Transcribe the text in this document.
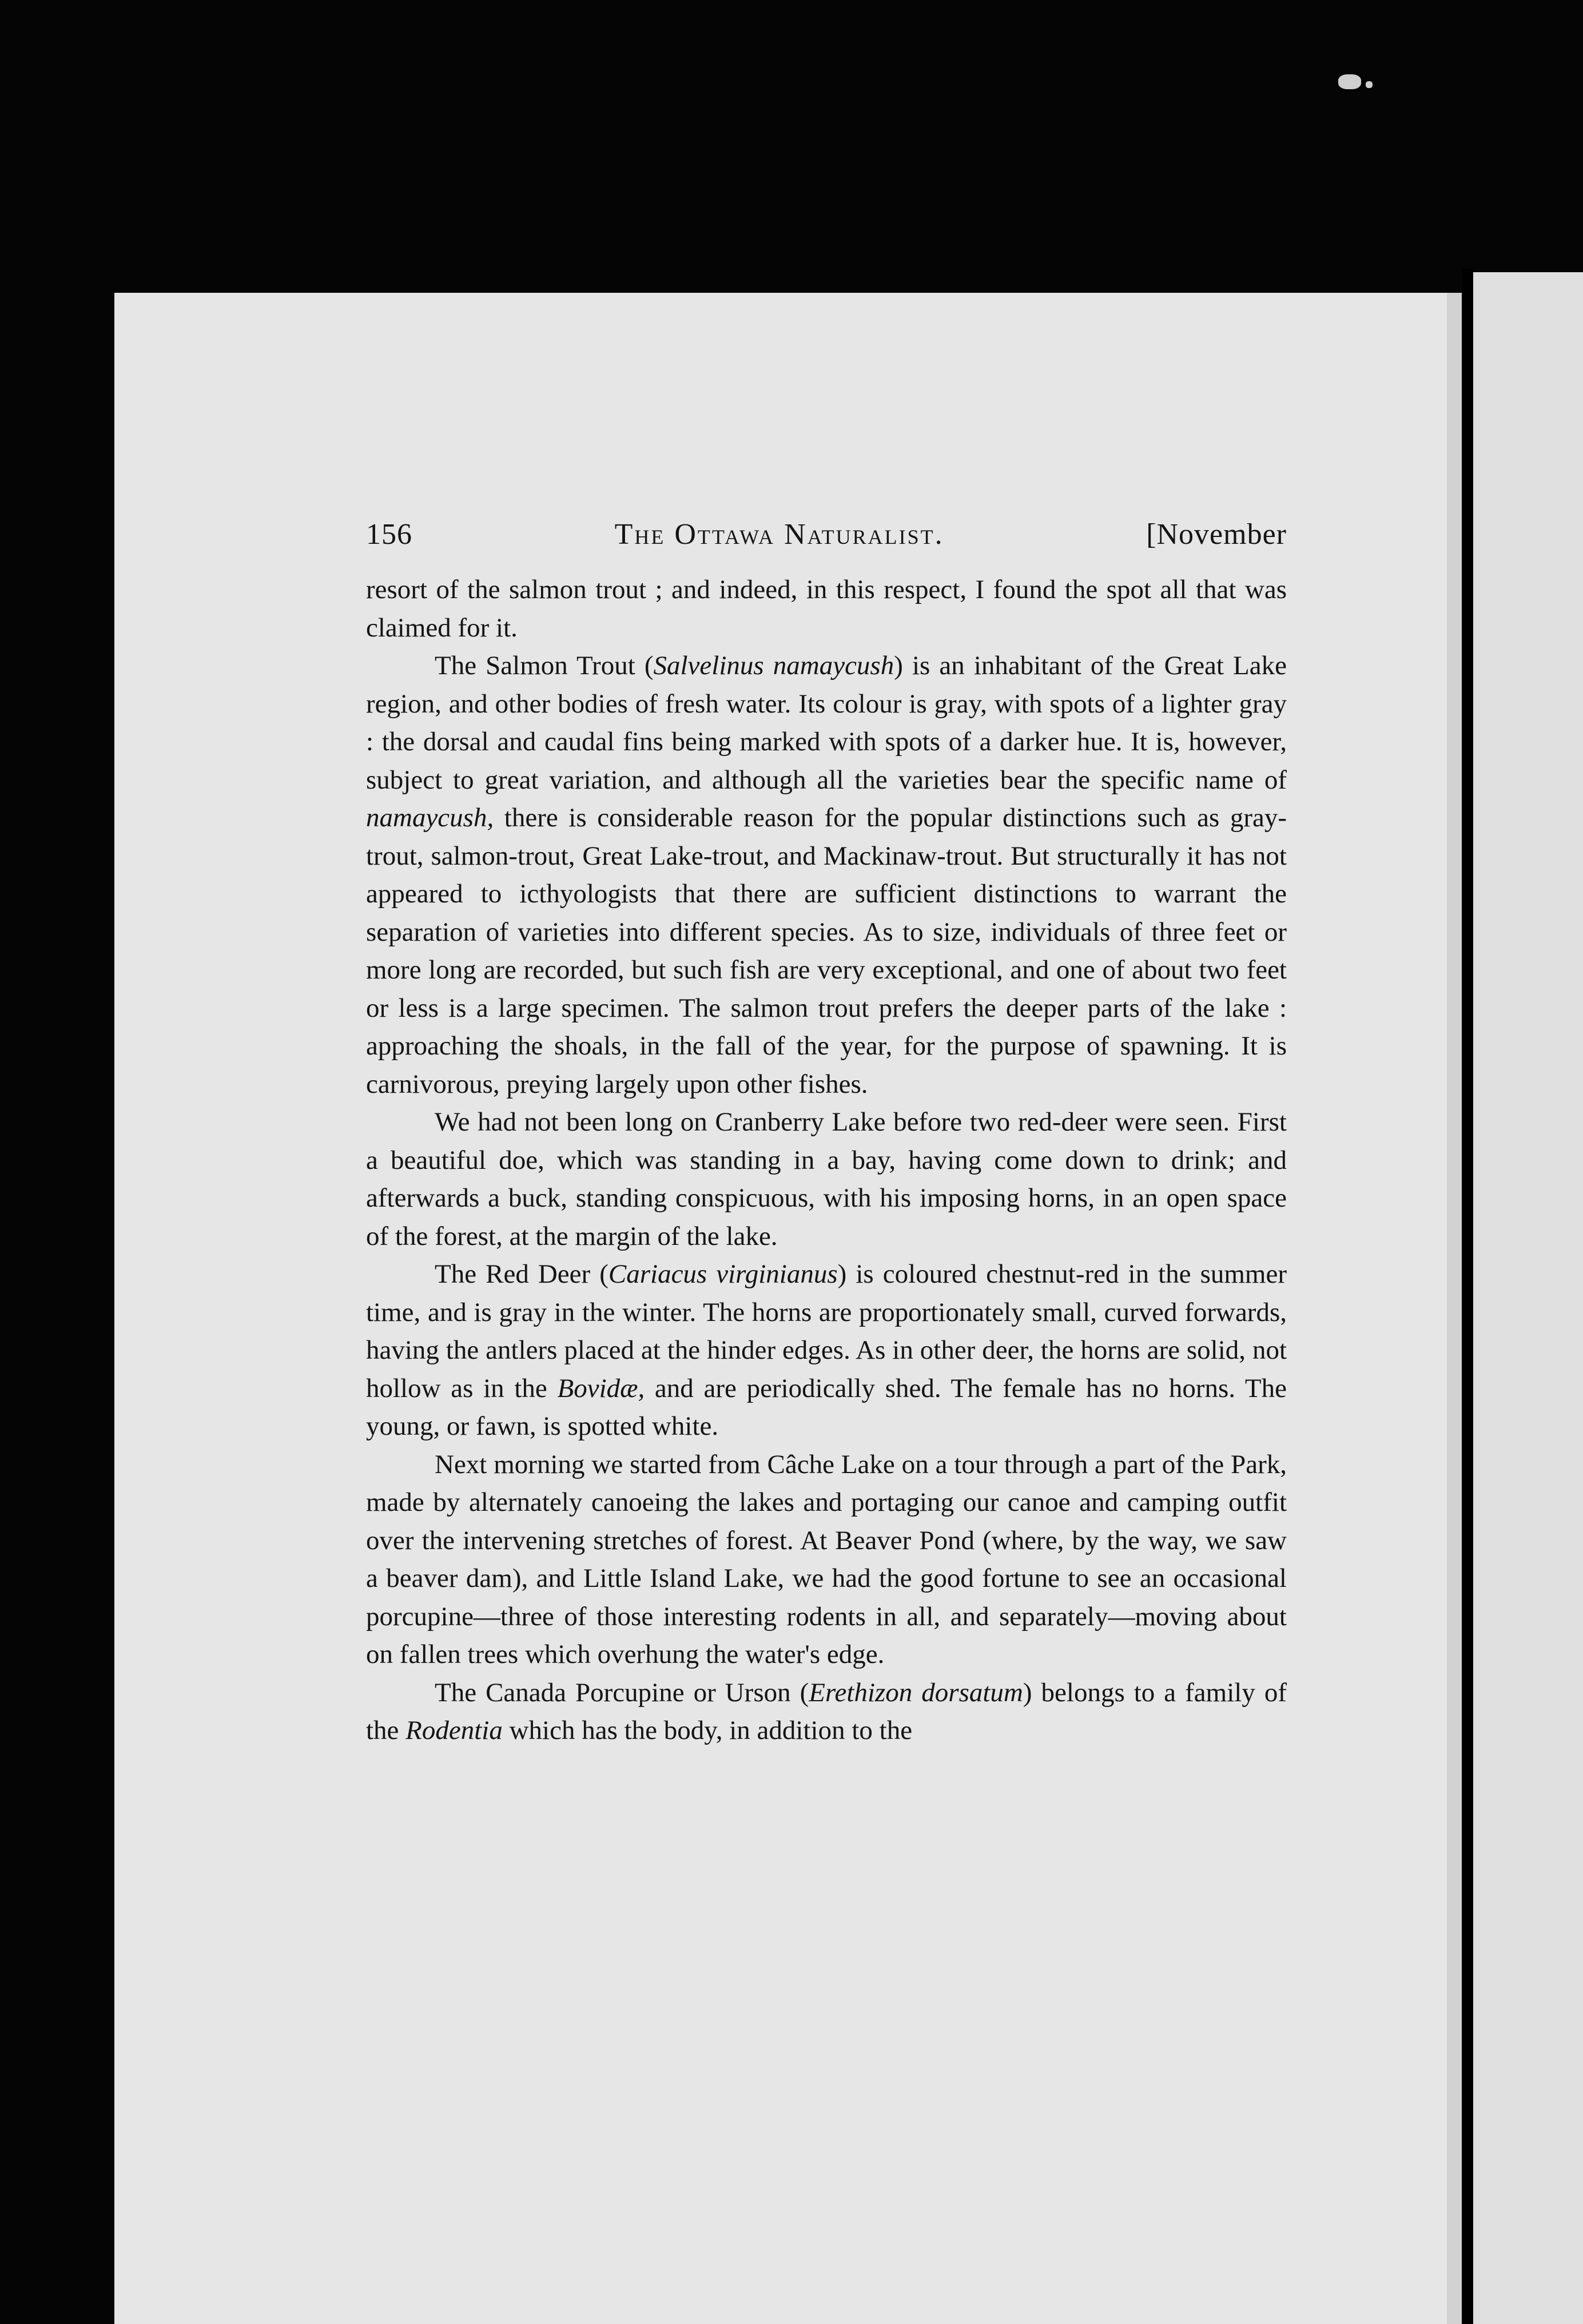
156	The Ottawa Naturalist.	[November

resort of the salmon trout ; and indeed, in this respect, I found the spot all that was claimed for it.

The Salmon Trout (Salvelinus namaycush) is an inhabitant of the Great Lake region, and other bodies of fresh water. Its colour is gray, with spots of a lighter gray : the dorsal and caudal fins being marked with spots of a darker hue. It is, however, subject to great variation, and although all the varieties bear the specific name of namaycush, there is considerable reason for the popular distinctions such as gray-trout, salmon-trout, Great Lake-trout, and Mackinaw-trout. But structurally it has not appeared to icthyologists that there are sufficient distinctions to warrant the separation of varieties into different species. As to size, individuals of three feet or more long are recorded, but such fish are very exceptional, and one of about two feet or less is a large specimen. The salmon trout prefers the deeper parts of the lake : approaching the shoals, in the fall of the year, for the purpose of spawning. It is carnivorous, preying largely upon other fishes.

We had not been long on Cranberry Lake before two red-deer were seen. First a beautiful doe, which was standing in a bay, having come down to drink; and afterwards a buck, standing conspicuous, with his imposing horns, in an open space of the forest, at the margin of the lake.

The Red Deer (Cariacus virginianus) is coloured chestnut-red in the summer time, and is gray in the winter. The horns are proportionately small, curved forwards, having the antlers placed at the hinder edges. As in other deer, the horns are solid, not hollow as in the Bovidæ, and are periodically shed. The female has no horns. The young, or fawn, is spotted white.

Next morning we started from Câche Lake on a tour through a part of the Park, made by alternately canoeing the lakes and portaging our canoe and camping outfit over the intervening stretches of forest. At Beaver Pond (where, by the way, we saw a beaver dam), and Little Island Lake, we had the good fortune to see an occasional porcupine—three of those interesting rodents in all, and separately—moving about on fallen trees which overhung the water's edge.

The Canada Porcupine or Urson (Erethizon dorsatum) belongs to a family of the Rodentia which has the body, in addition to the
